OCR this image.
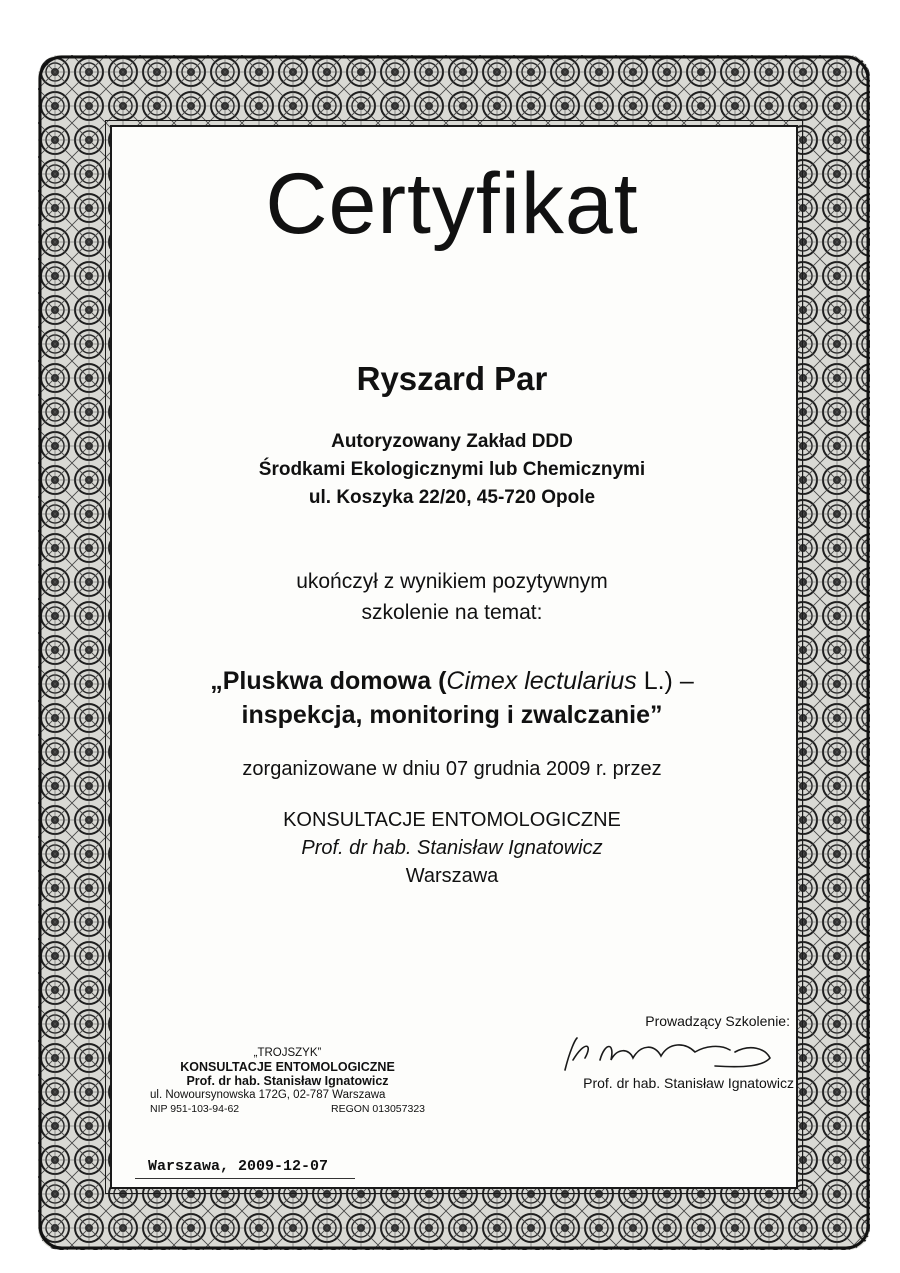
Certyfikat
Ryszard Par
Autoryzowany Zakład DDD
Środkami Ekologicznymi lub Chemicznymi
ul. Koszyka 22/20, 45-720 Opole
ukończył z wynikiem pozytywnym
szkolenie na temat:
„Pluskwa domowa (Cimex lectularius L.) –
inspekcja, monitoring i zwalczanie”
zorganizowane w dniu 07 grudnia 2009 r. przez
KONSULTACJE ENTOMOLOGICZNE
Prof. dr hab. Stanisław Ignatowicz
Warszawa
„TROJSZYK”
KONSULTACJE ENTOMOLOGICZNE
Prof. dr hab. Stanisław Ignatowicz
ul. Nowoursynowska 172G, 02-787 Warszawa
NIP 951-103-94-62	REGON 013057323
Warszawa, 2009-12-07
Prowadzący Szkolenie:
Prof. dr hab. Stanisław Ignatowicz
